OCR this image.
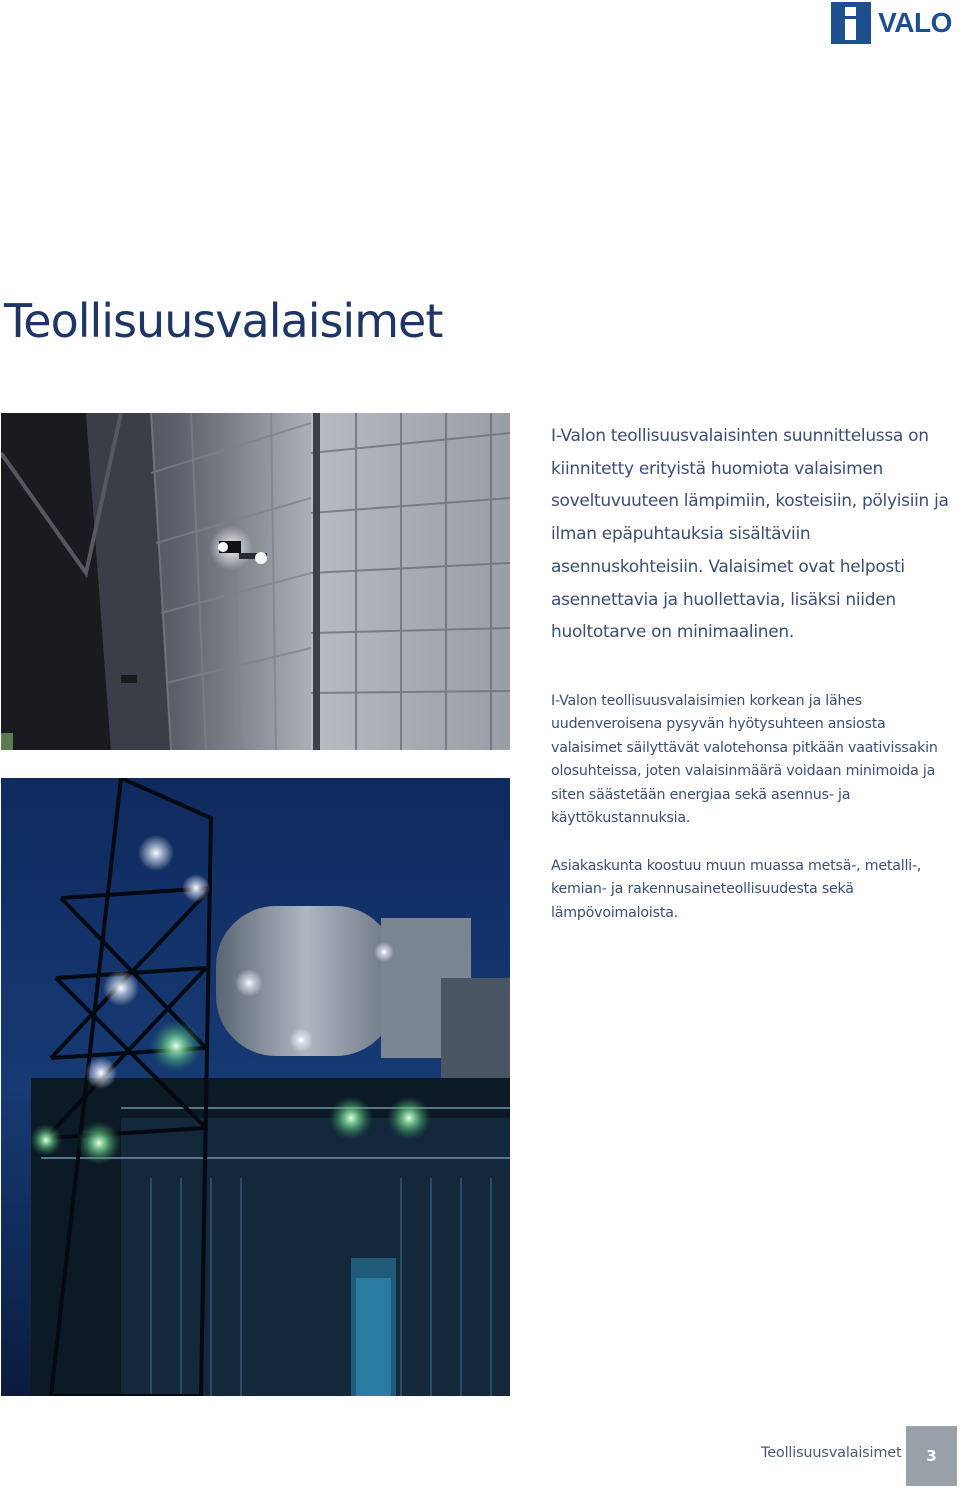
VALO
Teollisuusvalaisimet

I-Valon teollisuusvalaisinten suunnittelussa on kiinnitetty erityistä huomiota valaisimen soveltuvuuteen lämpimiin, kosteisiin, pölyisiin ja ilman epäpuhtauksia sisältäviin asennuskohteisiin. Valaisimet ovat helposti asennettavia ja huollettavia, lisäksi niiden huoltotarve on minimaalinen.

I-Valon teollisuusvalaisimien korkean ja lähes uudenveroisena pysyvän hyötysuhteen ansiosta valaisimet säilyttävät valotehonsa pitkään vaativissakin olosuhteissa, joten valaisinmäärä voidaan minimoida ja siten säästetään energiaa sekä asennus- ja käyttökustannuksia.

Asiakaskunta koostuu muun muassa metsä-, metalli-, kemian- ja rakennusaineteollisuudesta sekä lämpövoimaloista.

Teollisuusvalaisimet	3
